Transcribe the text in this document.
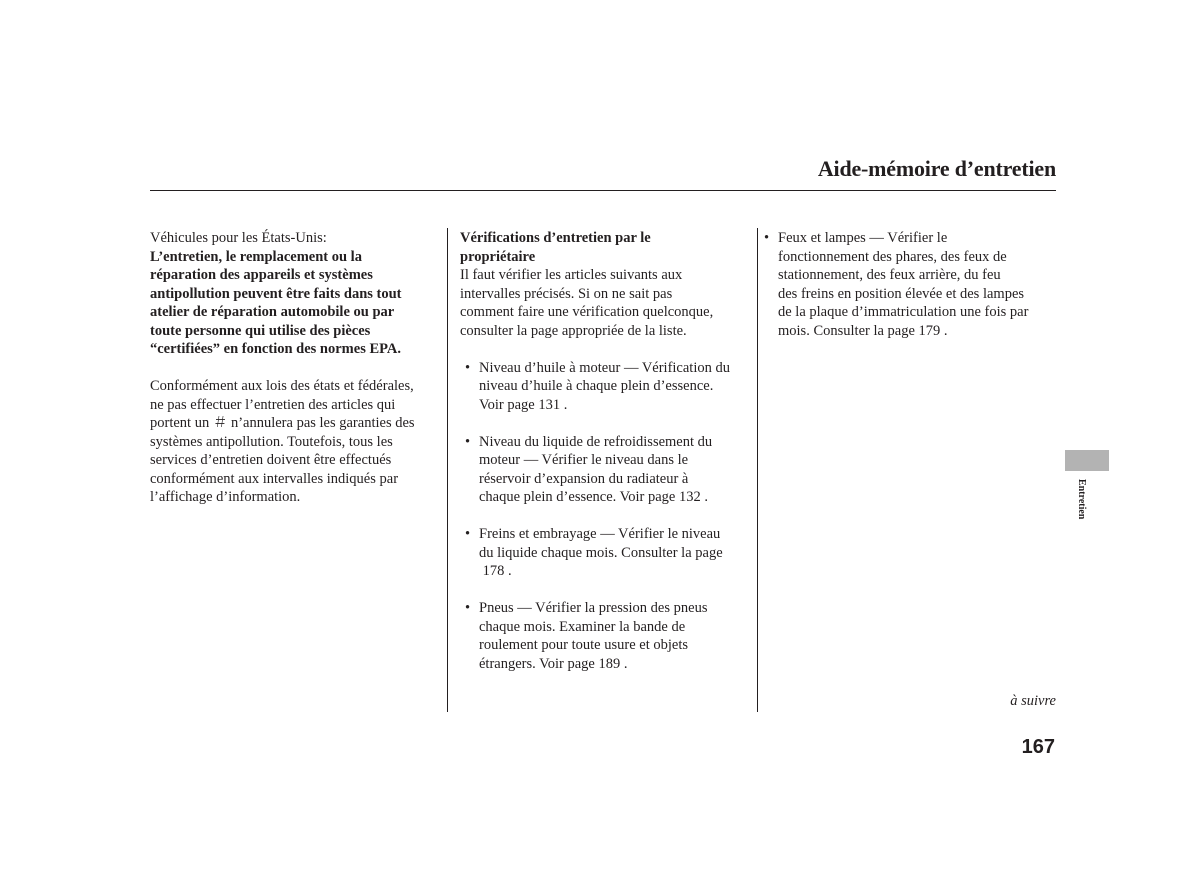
Aide-mémoire d’entretien

Véhicules pour les États-Unis:

L’entretien, le remplacement ou la
réparation des appareils et systèmes
antipollution peuvent être faits dans tout
atelier de réparation automobile ou par
toute personne qui utilise des pièces
“certifiées” en fonction des normes EPA.
Conformément aux lois des états et fédérales,
ne pas effectuer l’entretien des articles qui
portent un ＃ n’annulera pas les garanties des
systèmes antipollution. Toutefois, tous les
services d’entretien doivent être effectués
conformément aux intervalles indiqués par
l’affichage d’information.
Vérifications d’entretien par le
propriétaire
Il faut vérifier les articles suivants aux
intervalles précisés. Si on ne sait pas
comment faire une vérification quelconque,
consulter la page appropriée de la liste.
• Niveau d’huile à moteur — Vérification du
niveau d’huile à chaque plein d’essence.
Voir page 131 .
• Niveau du liquide de refroidissement du
moteur — Vérifier le niveau dans le
réservoir d’expansion du radiateur à
chaque plein d’essence. Voir page 132 .
• Freins et embrayage — Vérifier le niveau
du liquide chaque mois. Consulter la page
178 .
• Pneus — Vérifier la pression des pneus
chaque mois. Examiner la bande de
roulement pour toute usure et objets
étrangers. Voir page 189 .
• Feux et lampes — Vérifier le
fonctionnement des phares, des feux de
stationnement, des feux arrière, du feu
des freins en position élevée et des lampes
de la plaque d’immatriculation une fois par
mois. Consulter la page 179 .
Entretien
à suivre
167
